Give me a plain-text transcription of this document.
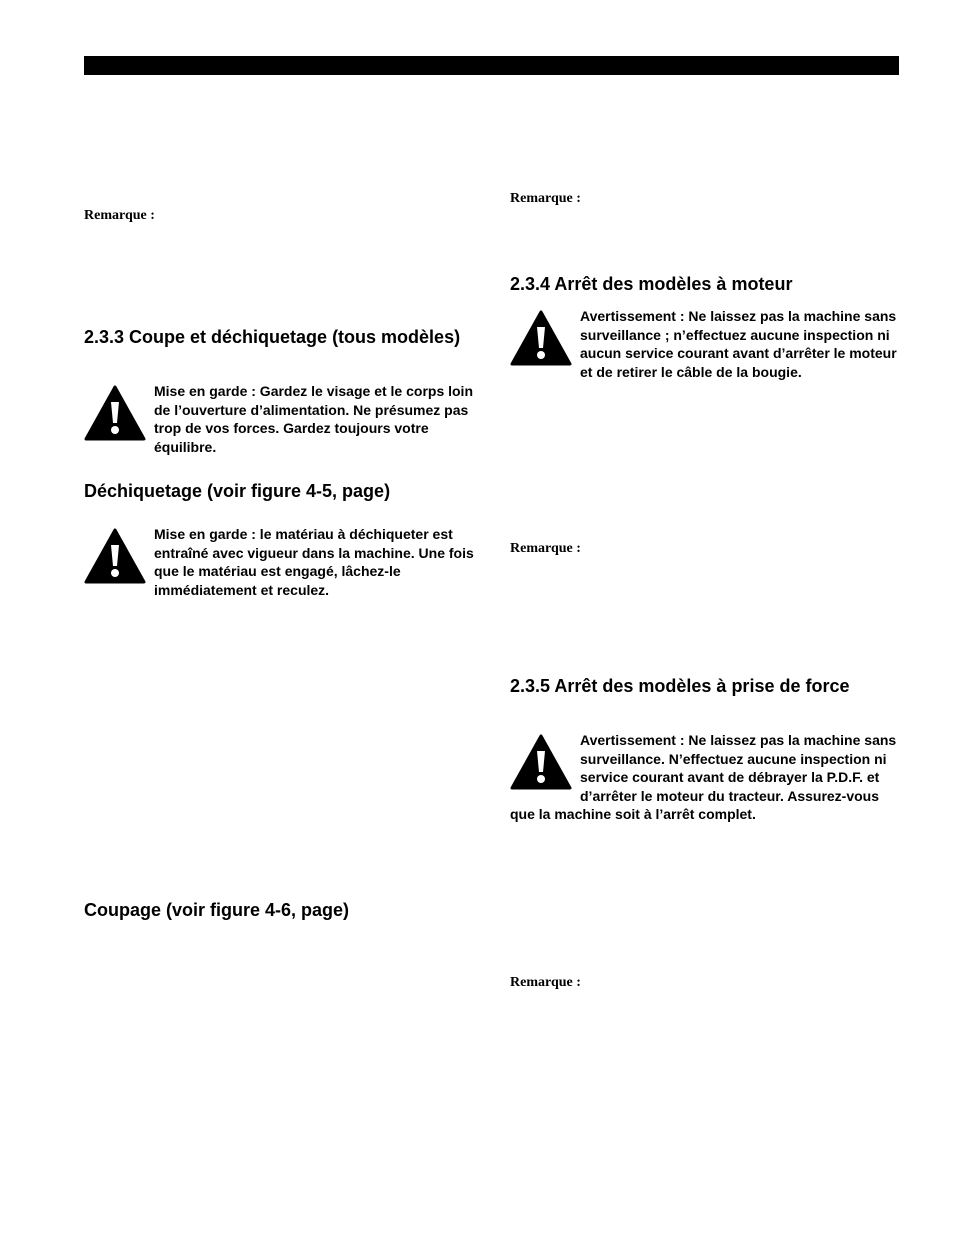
Remarque :
2.3.3 Coupe et déchiquetage (tous modèles)
Mise en garde : Gardez le visage et le corps loin de l’ouverture d’alimentation. Ne présumez pas trop de vos forces. Gardez toujours votre équilibre.
Déchiquetage (voir figure 4-5, page)
Mise en garde : le matériau à déchiqueter est entraîné avec vigueur dans la machine. Une fois que le matériau est engagé, lâchez-le immédiatement et reculez.
Coupage (voir figure 4-6, page)
Remarque :
2.3.4 Arrêt des modèles à moteur
Avertissement : Ne laissez pas la machine sans surveillance ; n’effectuez aucune inspection ni aucun service courant avant d’arrêter le moteur et de retirer le câble de la bougie.
Remarque :
2.3.5 Arrêt des modèles à prise de force
Avertissement : Ne laissez pas la machine sans surveillance. N’effectuez aucune inspection ni service courant avant de débrayer la P.D.F. et d’arrêter le moteur du tracteur. Assurez-vous que la machine soit à l’arrêt complet.
Remarque :
